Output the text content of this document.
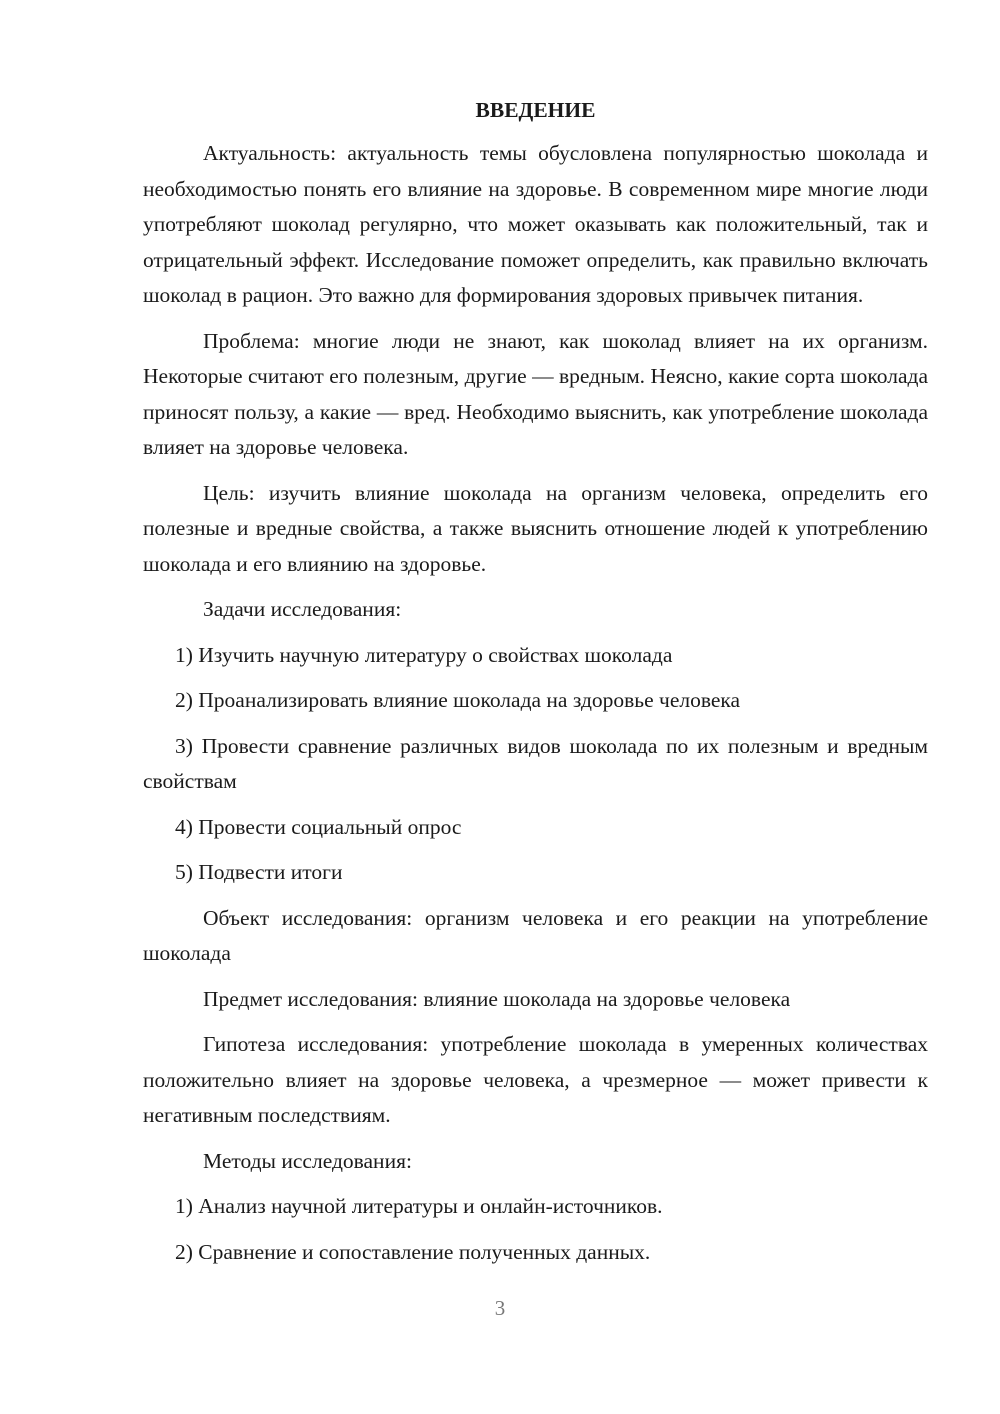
ВВЕДЕНИЕ

Актуальность: актуальность темы обусловлена популярностью шоколада и необходимостью понять его влияние на здоровье. В современном мире многие люди употребляют шоколад регулярно, что может оказывать как положительный, так и отрицательный эффект. Исследование поможет определить, как правильно включать шоколад в рацион. Это важно для формирования здоровых привычек питания.

Проблема: многие люди не знают, как шоколад влияет на их организм. Некоторые считают его полезным, другие — вредным. Неясно, какие сорта шоколада приносят пользу, а какие — вред. Необходимо выяснить, как употребление шоколада влияет на здоровье человека.

Цель: изучить влияние шоколада на организм человека, определить его полезные и вредные свойства, а также выяснить отношение людей к употреблению шоколада и его влиянию на здоровье.

Задачи исследования:

1) Изучить научную литературу о свойствах шоколада

2) Проанализировать влияние шоколада на здоровье человека

3) Провести сравнение различных видов шоколада по их полезным и вредным свойствам

4) Провести социальный опрос

5) Подвести итоги

Объект исследования: организм человека и его реакции на употребление шоколада

Предмет исследования: влияние шоколада на здоровье человека

Гипотеза исследования: употребление шоколада в умеренных количествах положительно влияет на здоровье человека, а чрезмерное — может привести к негативным последствиям.

Методы исследования:

1) Анализ научной литературы и онлайн-источников.

2) Сравнение и сопоставление полученных данных.

3
